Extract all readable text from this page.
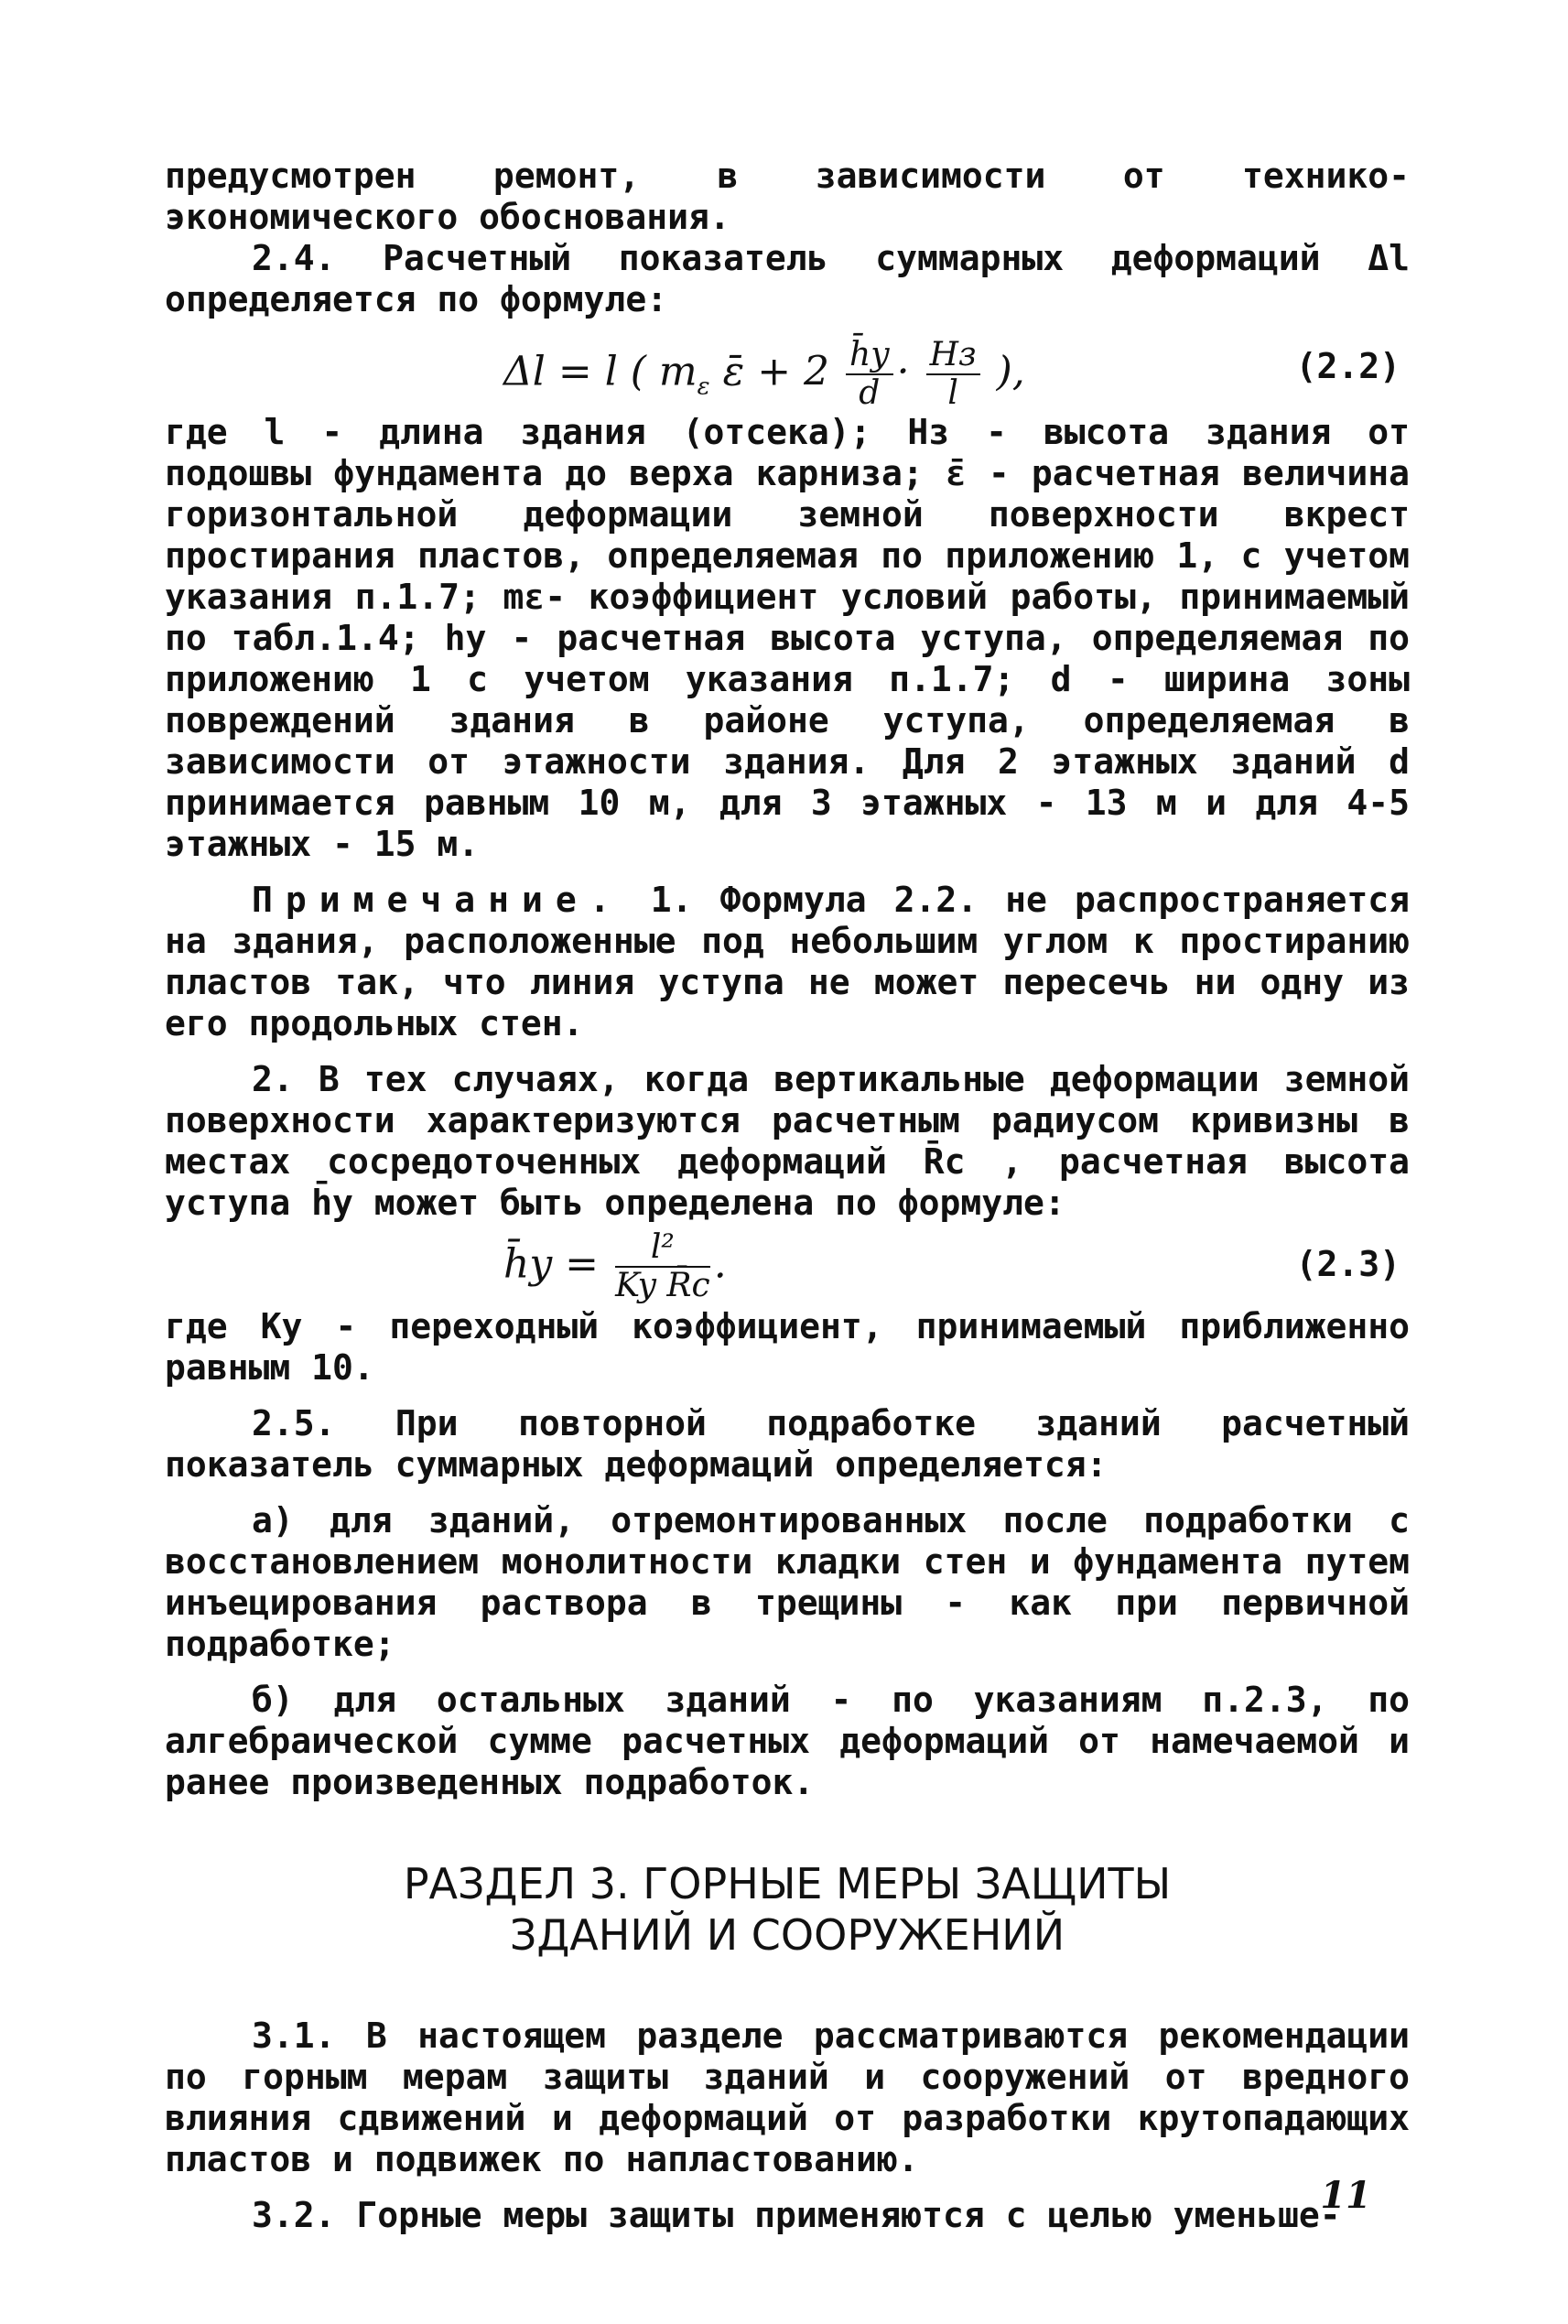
предусмотрен ремонт, в зависимости от технико-экономического обоснования.

2.4. Расчетный показатель суммарных деформаций Δl определяется по формуле:

Δl = l ( $m_\varepsilon$ ε̄ + $2 \frac{h̄y}{d} \cdot \frac{Hз}{l}$ ),	(2.2)

где l - длина здания (отсека); Hз - высота здания от подошвы фундамента до верха карниза; ε̄ - расчетная величина горизонтальной деформации земной поверхности вкрест простирания пластов, определяемая по приложению 1, с учетом указания п.1.7; mε- коэффициент условий работы, принимаемый по табл.1.4; hy - расчетная высота уступа, определяемая по приложению 1 с учетом указания п.1.7; d - ширина зоны повреждений здания в районе уступа, определяемая в зависимости от этажности здания. Для 2 этажных зданий d принимается равным 10 м, для 3 этажных - 13 м и для 4-5 этажных - 15 м.

Примечание. 1. Формула 2.2. не распространяется на здания, расположенные под небольшим углом к простиранию пластов так, что линия уступа не может пересечь ни одну из его продольных стен.

2. В тех случаях, когда вертикальные деформации земной поверхности характеризуются расчетным радиусом кривизны в местах сосредоточенных деформаций R̄c , расчетная высота уступа h̄y может быть определена по формуле:

h̄y = $\frac{\text{l²}}{\text{Ky R̄c}}$ .	(2.3)

где Ky - переходный коэффициент, принимаемый приближенно равным 10.

2.5. При повторной подработке зданий расчетный показатель суммарных деформаций определяется:

а) для зданий, отремонтированных после подработки с восстановлением монолитности кладки стен и фундамента путем инъецирования раствора в трещины - как при первичной подработке;

б) для остальных зданий - по указаниям п.2.3, по алгебраической сумме расчетных деформаций от намечаемой и ранее произведенных подработок.

РАЗДЕЛ 3. ГОРНЫЕ МЕРЫ ЗАЩИТЫ
ЗДАНИЙ И СООРУЖЕНИЙ

3.1. В настоящем разделе рассматриваются рекомендации по горным мерам защиты зданий и сооружений от вредного влияния сдвижений и деформаций от разработки крутопадающих пластов и подвижек по напластованию.

3.2. Горные меры защиты применяются с целью уменьше-

11
